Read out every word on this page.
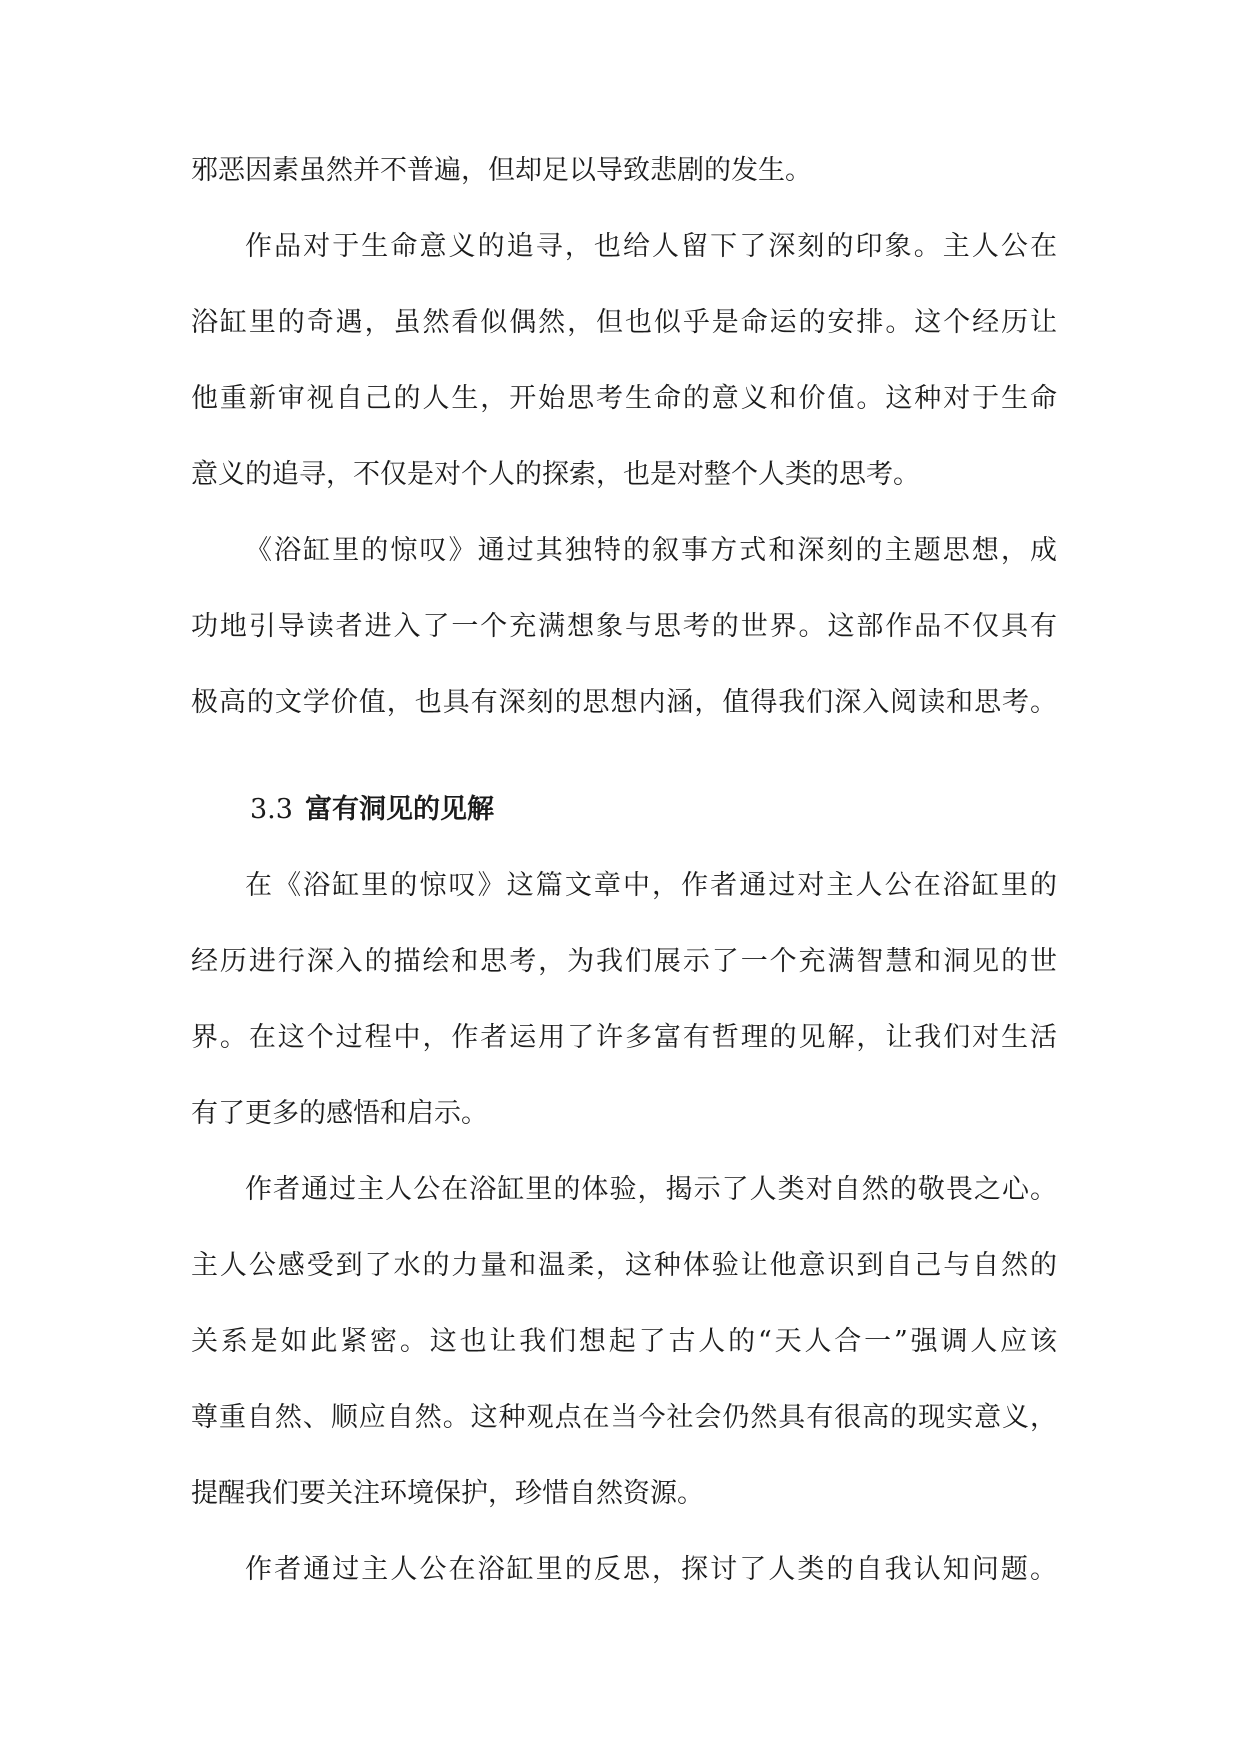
邪恶因素虽然并不普遍，但却足以导致悲剧的发生。
作品对于生命意义的追寻，也给人留下了深刻的印象。主人公在
浴缸里的奇遇，虽然看似偶然，但也似乎是命运的安排。这个经历让
他重新审视自己的人生，开始思考生命的意义和价值。这种对于生命
意义的追寻，不仅是对个人的探索，也是对整个人类的思考。
《浴缸里的惊叹》通过其独特的叙事方式和深刻的主题思想，成
功地引导读者进入了一个充满想象与思考的世界。这部作品不仅具有
极高的文学价值，也具有深刻的思想内涵，值得我们深入阅读和思考。
3.3 富有洞见的见解
在《浴缸里的惊叹》这篇文章中，作者通过对主人公在浴缸里的
经历进行深入的描绘和思考，为我们展示了一个充满智慧和洞见的世
界。在这个过程中，作者运用了许多富有哲理的见解，让我们对生活
有了更多的感悟和启示。
作者通过主人公在浴缸里的体验，揭示了人类对自然的敬畏之心。
主人公感受到了水的力量和温柔，这种体验让他意识到自己与自然的
关系是如此紧密。这也让我们想起了古人的“天人合一”强调人应该
尊重自然、顺应自然。这种观点在当今社会仍然具有很高的现实意义，
提醒我们要关注环境保护，珍惜自然资源。
作者通过主人公在浴缸里的反思，探讨了人类的自我认知问题。
